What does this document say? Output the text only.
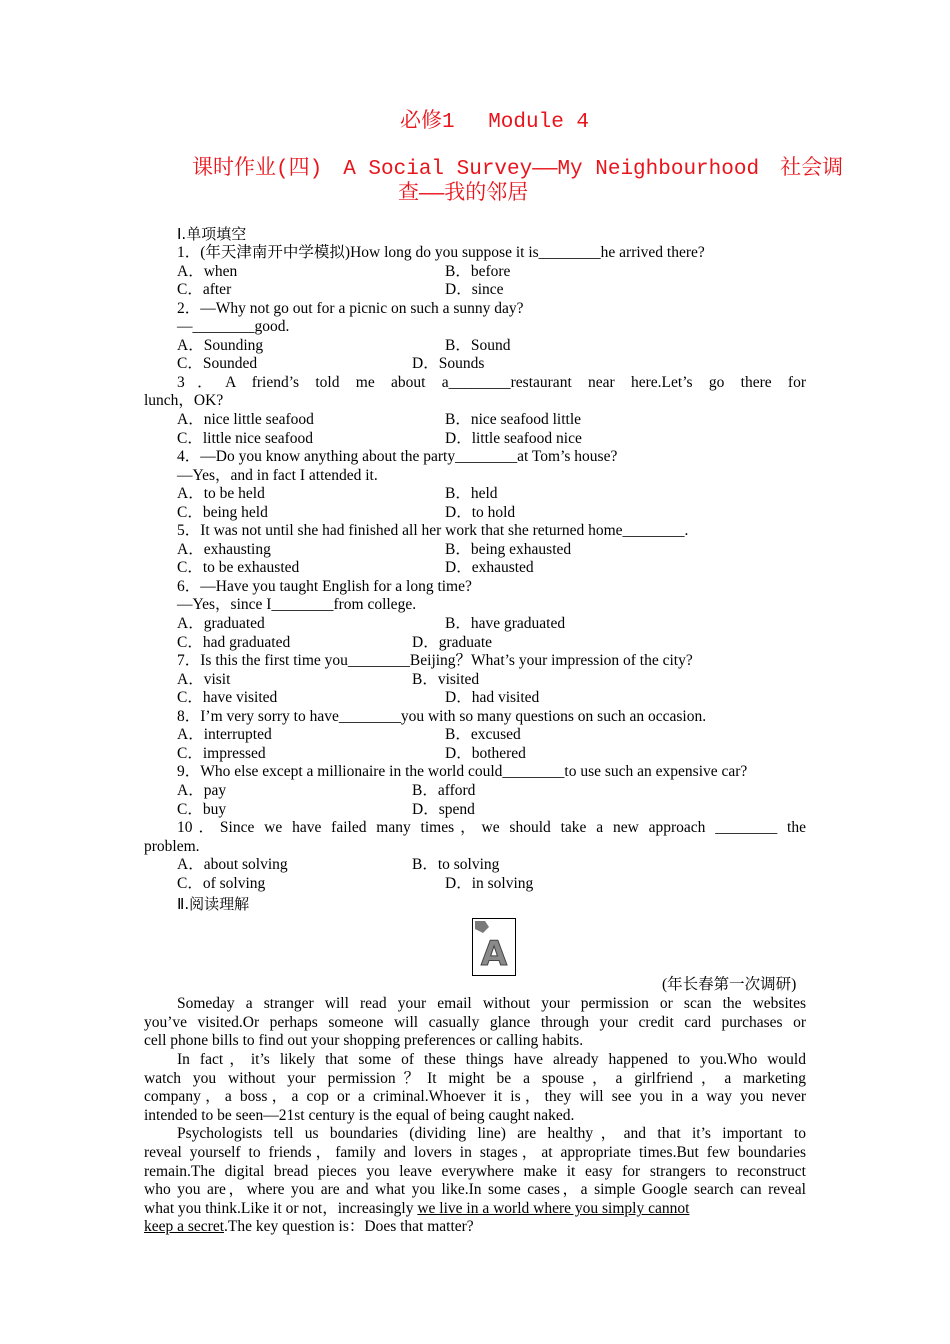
必修1　 Module 4
课时作业(四)　A Social Survey——My Neighbourhood　社会调
查——我的邻居
Ⅰ.单项填空
1．(年天津南开中学模拟)How long do you suppose it is________he arrived there?
A．when	B．before
C．after	D．since
2．—Why not go out for a picnic on such a sunny day?
—________good.
A．Sounding	B．Sound
C．Sounded	D．Sounds
3．A friend’s told me about a________restaurant near here.Let’s go there for
lunch，OK?
A．nice little seafood	B．nice seafood little
C．little nice seafood	D．little seafood nice
4．—Do you know anything about the party________at Tom’s house?
—Yes，and in fact I attended it.
A．to be held	B．held
C．being held	D．to hold
5．It was not until she had finished all her work that she returned home________.
A．exhausting	B．being exhausted
C．to be exhausted	D．exhausted
6．—Have you taught English for a long time?
—Yes，since I________from college.
A．graduated	B．have graduated
C．had graduated	D．graduate
7．Is this the first time you________Beijing？What’s your impression of the city?
A．visit	B．visited
C．have visited	D．had visited
8．I’m very sorry to have________you with so many questions on such an occasion.
A．interrupted	B．excused
C．impressed	D．bothered
9．Who else except a millionaire in the world could________to use such an expensive car?
A．pay	B．afford
C．buy	D．spend
10．Since we have failed many times，we should take a new approach ________ the
problem.
A．about solving	B．to solving
C．of solving	D．in solving
Ⅱ.阅读理解
A
(年长春第一次调研)
Someday a stranger will read your email without your permission or scan the websites
you’ve visited.Or perhaps someone will casually glance through your credit card purchases or
cell phone bills to find out your shopping preferences or calling habits.
In fact，it’s likely that some of these things have already happened to you.Who would
watch you without your permission？It might be a spouse，a girlfriend，a marketing
company，a boss，a cop or a criminal.Whoever it is，they will see you in a way you never
intended to be seen—21st century is the equal of being caught naked.
Psychologists tell us boundaries (dividing line) are healthy，and that it’s important to
reveal yourself to friends，family and lovers in stages，at appropriate times.But few boundaries
remain.The digital bread pieces you leave everywhere make it easy for strangers to reconstruct
who you are，where you are and what you like.In some cases，a simple Google search can reveal
what you think.Like it or not，increasingly we live in a world where you simply cannot
keep a secret.The key question is：Does that matter?
